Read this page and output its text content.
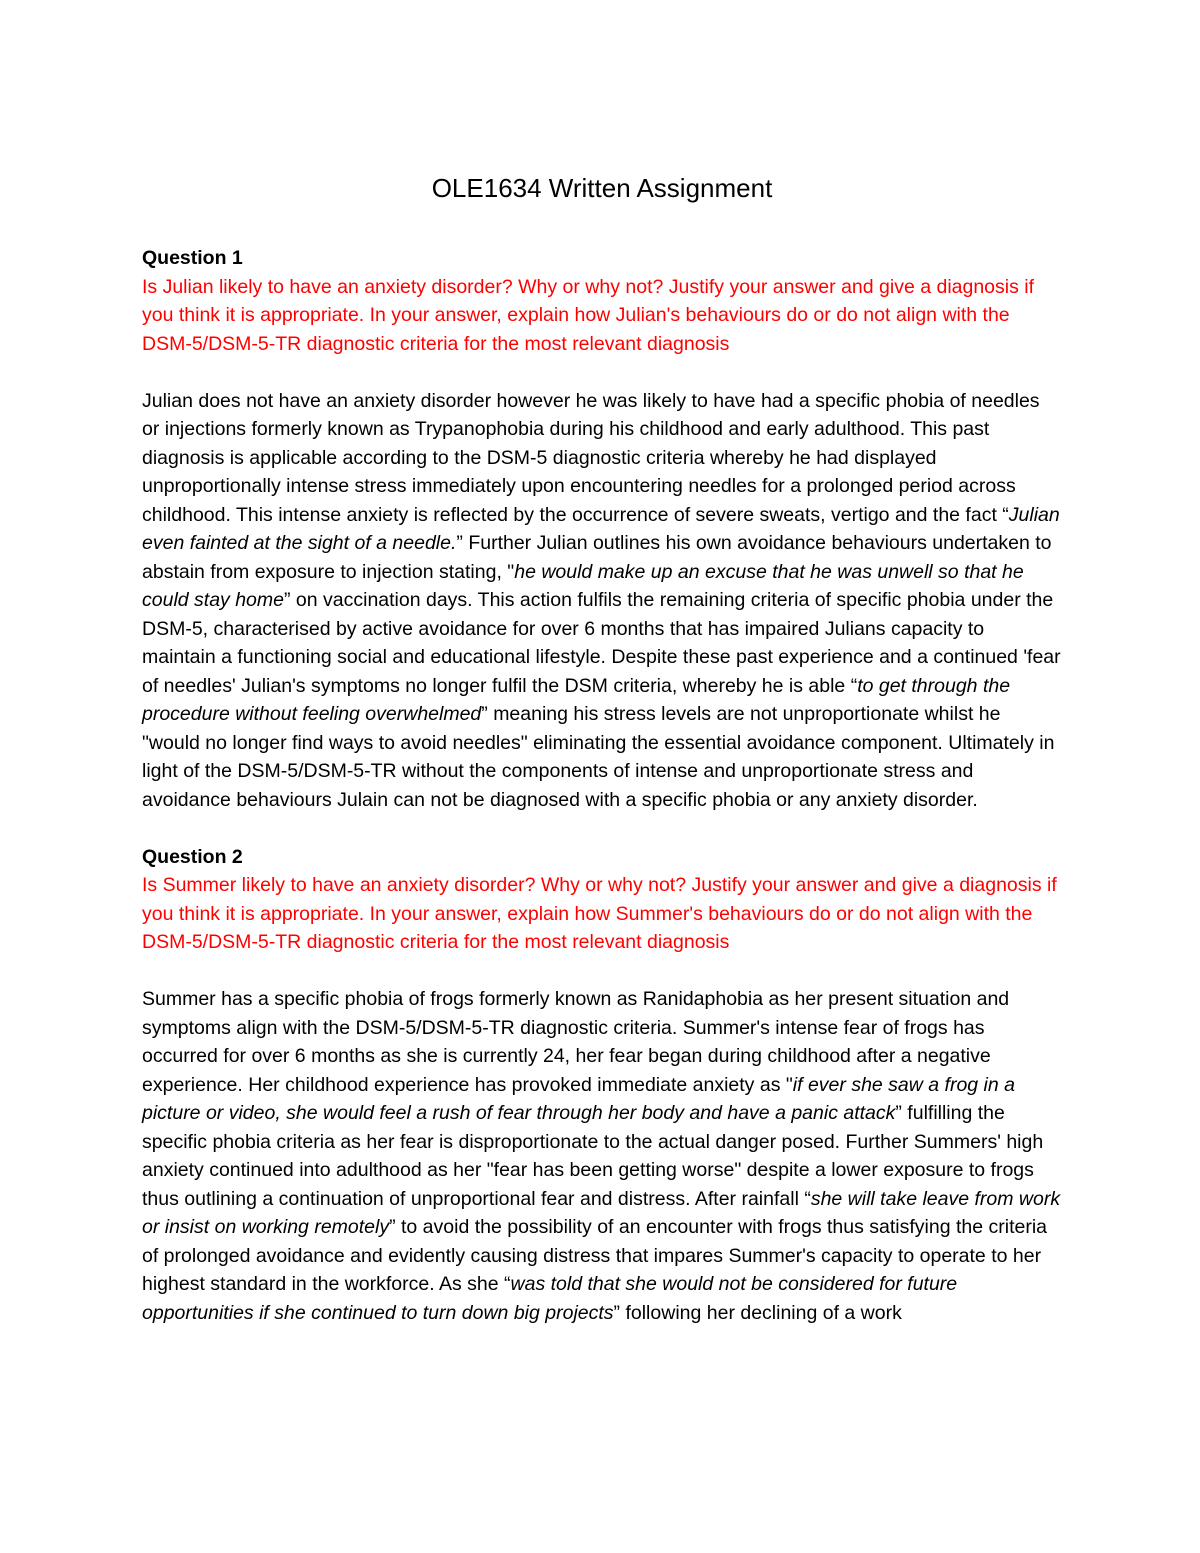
OLE1634 Written Assignment

Question 1

Is Julian likely to have an anxiety disorder? Why or why not? Justify your answer and give a diagnosis if you think it is appropriate. In your answer, explain how Julian's behaviours do or do not align with the DSM-5/DSM-5-TR diagnostic criteria for the most relevant diagnosis

Julian does not have an anxiety disorder however he was likely to have had a specific phobia of needles or injections formerly known as Trypanophobia during his childhood and early adulthood. This past diagnosis is applicable according to the DSM-5 diagnostic criteria whereby he had displayed unproportionally intense stress immediately upon encountering needles for a prolonged period across childhood. This intense anxiety is reflected by the occurrence of severe sweats, vertigo and the fact “Julian even fainted at the sight of a needle.” Further Julian outlines his own avoidance behaviours undertaken to abstain from exposure to injection stating, "he would make up an excuse that he was unwell so that he could stay home” on vaccination days. This action fulfils the remaining criteria of specific phobia under the DSM-5, characterised by active avoidance for over 6 months that has impaired Julians capacity to maintain a functioning social and educational lifestyle. Despite these past experience and a continued 'fear of needles' Julian's symptoms no longer fulfil the DSM criteria, whereby he is able “to get through the procedure without feeling overwhelmed” meaning his stress levels are not unproportionate whilst he "would no longer find ways to avoid needles" eliminating the essential avoidance component. Ultimately in light of the DSM-5/DSM-5-TR without the components of intense and unproportionate stress and avoidance behaviours Julain can not be diagnosed with a specific phobia or any anxiety disorder.

Question 2

Is Summer likely to have an anxiety disorder? Why or why not? Justify your answer and give a diagnosis if you think it is appropriate. In your answer, explain how Summer's behaviours do or do not align with the DSM-5/DSM-5-TR diagnostic criteria for the most relevant diagnosis

Summer has a specific phobia of frogs formerly known as Ranidaphobia as her present situation and symptoms align with the DSM-5/DSM-5-TR diagnostic criteria. Summer's intense fear of frogs has occurred for over 6 months as she is currently 24, her fear began during childhood after a negative experience. Her childhood experience has provoked immediate anxiety as "if ever she saw a frog in a picture or video, she would feel a rush of fear through her body and have a panic attack” fulfilling the specific phobia criteria as her fear is disproportionate to the actual danger posed. Further Summers' high anxiety continued into adulthood as her "fear has been getting worse" despite a lower exposure to frogs thus outlining a continuation of unproportional fear and distress. After rainfall “she will take leave from work or insist on working remotely” to avoid the possibility of an encounter with frogs thus satisfying the criteria of prolonged avoidance and evidently causing distress that impares Summer's capacity to operate to her highest standard in the workforce. As she “was told that she would not be considered for future opportunities if she continued to turn down big projects” following her declining of a work
